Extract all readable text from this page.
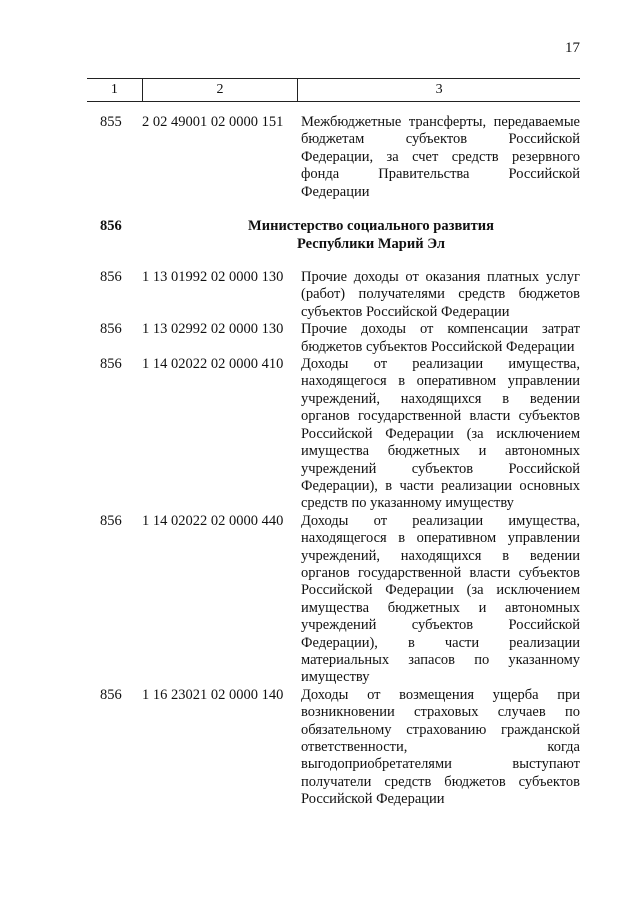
17
1	2	3
855	2 02 49001 02 0000 151	Межбюджетные трансферты, передаваемые бюджетам субъектов Российской Федерации, за счет средств резервного фонда Правительства Российской Федерации
856	Министерство социального развития
Республики Марий Эл
856	1 13 01992 02 0000 130	Прочие доходы от оказания платных услуг (работ) получателями средств бюджетов субъектов Российской Федерации
856	1 13 02992 02 0000 130	Прочие доходы от компенсации затрат бюджетов субъектов Российской Федерации
856	1 14 02022 02 0000 410	Доходы от реализации имущества, находящегося в оперативном управлении учреждений, находящихся в ведении органов государственной власти субъектов Российской Федерации (за исключением имущества бюджетных и автономных учреждений субъектов Российской Федерации), в части реализации основных средств по указанному имуществу
856	1 14 02022 02 0000 440	Доходы от реализации имущества, находящегося в оперативном управлении учреждений, находящихся в ведении органов государственной власти субъектов Российской Федерации (за исключением имущества бюджетных и автономных учреждений субъектов Российской Федерации), в части реализации материальных запасов по указанному имуществу
856	1 16 23021 02 0000 140	Доходы от возмещения ущерба при возникновении страховых случаев по обязательному страхованию гражданской ответственности, когда выгодоприобретателями выступают получатели средств бюджетов субъектов Российской Федерации
